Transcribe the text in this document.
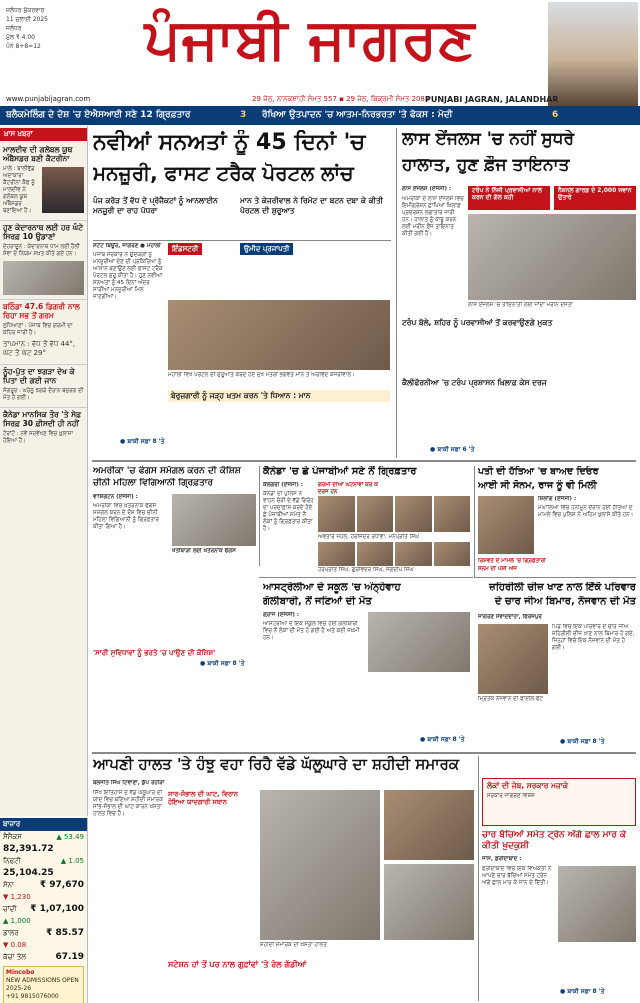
ਜਲੰਧਰ ਸ਼ੁੱਕਰਵਾਰ
11 ਜੁਲਾਈ 2025
ਜਲੰਧਰ
ਮੁੱਲ ₹ 4.00
ਪੰਨੇ 8+8=12	ਪੰਜਾਬੀ ਜਾਗਰਣ
www.punjabijagran.com	29 ਜੇਠ, ਨਾਨਕਸ਼ਾਹੀ ਸੰਮਤ 557 ▪ 29 ਜੇਠ, ਬਿਕ੍ਰਮੀ ਸੰਮਤ 2082
PUNJABI JAGRAN, JALANDHAR
ਬਲੈਕਮੇਲਿੰਗ ਦੇ ਦੋਸ਼ 'ਚ ਏਐਸਆਈ ਸਣੇ 12 ਗ੍ਰਿਫ਼ਤਾਰ	3 ਰੱਖਿਆ ਉਤਪਾਦਨ 'ਚ ਆਤਮ-ਨਿਰਭਰਤਾ 'ਤੇ ਫੋਕਸ : ਮੋਦੀ	6
ਖ਼ਾਸ ਖ਼ਬਰਾਂ
ਮਾਲਦੀਵ ਦੀ ਗਲੋਬਲ ਯੂਥ ਅੰਬੈਸਡਰ ਬਣੀ ਕੈਟਰੀਨਾ
ਮਾਲੇ : ਬਾਲੀਵੁੱਡ ਅਦਾਕਾਰਾ ਕੈਟਰੀਨਾ ਕੈਫ ਨੂੰ ਮਾਲਦੀਵ ਨੇ ਗਲੋਬਲ ਯੂਥ ਅੰਬੈਸਡਰ ਬਣਾਇਆ ਹੈ।
ਹੁਣ ਕੇਦਾਰਨਾਥ ਲਈ ਹਰ ਘੰਟੇ ਸਿਰਫ਼ 10 ਉਡਾਣਾਂ
ਦੇਹਰਾਦੂਨ : ਕੇਦਾਰਨਾਥ ਧਾਮ ਲਈ ਹੈਲੀ ਸੇਵਾ ਦੇ ਨਿਯਮ ਸਖ਼ਤ ਕੀਤੇ ਗਏ ਹਨ।
ਬਠਿੰਡਾ 47.6 ਡਿਗਰੀ ਨਾਲ ਰਿਹਾ ਸਭ ਤੋਂ ਗਰਮ
ਲੁਧਿਆਣਾ : ਪੰਜਾਬ ਵਿਚ ਗਰਮੀ ਦਾ ਕਹਿਰ ਜਾਰੀ ਹੈ।
ਤਾਪਮਾਨ : ਵੱਧ ਤੋਂ ਵੱਧ 44°, ਘੱਟ ਤੋਂ ਘੱਟ 29°
ਨੂੰਹ-ਪੁੱਤ ਦਾ ਝਗੜਾ ਦੇਖ ਕੇ ਪਿਤਾ ਦੀ ਗਈ ਜਾਨ
ਸੰਗਰੂਰ : ਘਰੇਲੂ ਝਗੜੇ ਦੌਰਾਨ ਬਜ਼ੁਰਗ ਦੀ ਮੌਤ ਹੋ ਗਈ।
ਕੈਨੇਡਾ ਮਾਨਸਿਕ ਤੌਰ 'ਤੇ ਸੇਫ਼ ਸਿਰਫ਼ 30 ਫ਼ੀਸਦੀ ਹੀ ਨਹੀਂ
ਟੋਰਾਂਟੋ : ਨਵੇਂ ਸਰਵੇਖਣ ਵਿਚ ਖ਼ੁਲਾਸਾ ਹੋਇਆ ਹੈ।
ਨਵੀਆਂ ਸਨਅਤਾਂ ਨੂੰ 45 ਦਿਨਾਂ 'ਚ
ਮਨਜ਼ੂਰੀ, ਫਾਸਟ ਟਰੈਕ ਪੋਰਟਲ ਲਾਂਚ
ਪੰਜ ਕਰੋੜ ਤੋਂ ਵੱਧ ਦੇ ਪ੍ਰੋਜੈਕਟਾਂ ਨੂੰ ਆਨਲਾਈਨ ਮਨਜ਼ੂਰੀ ਦਾ ਰਾਹ ਪੱਧਰਾ
ਮਾਨ ਤੇ ਕੇਜਰੀਵਾਲ ਨੇ ਰਿਮੋਟ ਦਾ ਬਟਨ ਦਬਾ ਕੇ ਕੀਤੀ ਪੋਰਟਲ ਦੀ ਸ਼ੁਰੂਆਤ
ਸਟੇਟ ਬਿਊਰੋ, ਜਾਗਰਣ ● ਮੋਹਾਲੀ
ਪੰਜਾਬ ਸਰਕਾਰ ਨੇ ਉਦਯੋਗਾਂ ਨੂੰ ਮਨਜ਼ੂਰੀਆਂ ਦੇਣ ਦੀ ਪ੍ਰਕਿਰਿਆ ਨੂੰ ਆਸਾਨ ਬਣਾਉਣ ਲਈ ਫਾਸਟ ਟਰੈਕ ਪੋਰਟਲ ਸ਼ੁਰੂ ਕੀਤਾ ਹੈ। ਹੁਣ ਨਵੀਆਂ ਸਨਅਤਾਂ ਨੂੰ 45 ਦਿਨਾਂ ਅੰਦਰ ਸਾਰੀਆਂ ਮਨਜ਼ੂਰੀਆਂ ਮਿਲ ਜਾਣਗੀਆਂ।
ਇੰਡਸਟਰੀ	ਉਮੀਦ ਪ੍ਰਜਾਪਤੀ
ਮੋਹਾਲੀ ਵਿਖੇ ਪੋਰਟਲ ਦੀ ਸ਼ੁਰੂਆਤ ਕਰਦੇ ਹੋਏ ਮੁੱਖ ਮੰਤਰੀ ਭਗਵੰਤ ਮਾਨ ਤੇ ਅਰਵਿੰਦ ਕੇਜਰੀਵਾਲ।
ਬੇਰੁਜ਼ਗਾਰੀ ਨੂੰ ਜੜ੍ਹ ਖ਼ਤਮ ਕਰਨ 'ਤੇ ਧਿਆਨ : ਮਾਨ
● ਬਾਕੀ ਸਫ਼ਾ 8 'ਤੇ
ਲਾਸ ਏਂਜਲਸ 'ਚ ਨਹੀਂ ਸੁਧਰੇ
ਹਾਲਾਤ, ਹੁਣ ਫ਼ੌਜ ਤਾਇਨਾਤ
ਲਾਸ ਏਂਜਲਸ (ਏਜੰਸੀ) :
ਅਮਰੀਕਾ ਦੇ ਲਾਸ ਏਂਜਲਸ ਵਿਚ ਇਮੀਗ੍ਰੇਸ਼ਨ ਛਾਪਿਆਂ ਖ਼ਿਲਾਫ਼ ਪ੍ਰਦਰਸ਼ਨ ਲਗਾਤਾਰ ਜਾਰੀ ਹਨ। ਹਾਲਾਤ ਨੂੰ ਕਾਬੂ ਕਰਨ ਲਈ ਮਰੀਨ ਫ਼ੌਜ ਤਾਇਨਾਤ ਕੀਤੀ ਗਈ ਹੈ।
ਟਰੰਪ ਨੇ ਨਿੱਜੀ ਪ੍ਰਵਾਸੀਆਂ ਨਾਲ ਕਰਨ ਦੀ ਗੱਲ ਕਹੀ
ਨੈਸ਼ਨਲ ਗਾਰਡ ਦੇ 2,000 ਜਵਾਨ ਉਤਾਰੇ
ਲਾਸ ਏਂਜਲਸ 'ਚ ਤਾਇਨਾਤੀ ਲਈ ਜਾਂਦਾ ਮਰੀਨ ਦਸਤਾ
ਟਰੰਪ ਬੋਲੇ, ਸ਼ਹਿਰ ਨੂੰ ਪਰਵਾਸੀਆਂ ਤੋਂ ਕਰਵਾਉਣਗੇ ਮੁਕਤ
ਕੈਲੀਫੋਰਨੀਆ 'ਚ ਟਰੰਪ ਪ੍ਰਸ਼ਾਸਨ ਖ਼ਿਲਾਫ਼ ਕੇਸ ਦਰਜ
● ਬਾਕੀ ਸਫ਼ਾ 6 'ਤੇ
ਅਮਰੀਕਾ 'ਚ ਫੰਗਸ ਸਮੱਗਲ ਕਰਨ ਦੀ ਕੋਸ਼ਿਸ਼
ਚੀਨੀ ਮਹਿਲਾ ਵਿਗਿਆਨੀ ਗ੍ਰਿਫ਼ਤਾਰ
ਵਾਸ਼ਿੰਗਟਨ (ਏਜੰਸੀ) :
ਅਮਰੀਕਾ ਵਿਚ ਖ਼ਤਰਨਾਕ ਫੰਗਸ ਸਮੱਗਲ ਕਰਨ ਦੇ ਦੋਸ਼ ਵਿਚ ਚੀਨੀ ਮਹਿਲਾ ਵਿਗਿਆਨੀ ਨੂੰ ਗ੍ਰਿਫ਼ਤਾਰ ਕੀਤਾ ਗਿਆ ਹੈ।
ਖੇਤੀਬਾੜੀ ਲਈ ਖ਼ਤਰਨਾਕ ਫੰਗਸ
'ਸਾਰੀ ਸੁਵਿਧਾਵਾਂ ਨੂੰ ਭਰਤੇ 'ਚ ਪਾਉਣ ਦੀ ਕੋਸ਼ਿਸ਼'
● ਬਾਕੀ ਸਫ਼ਾ 8 'ਤੇ
ਕੈਨੇਡਾ 'ਚ ਛੇ ਪੰਜਾਬੀਆਂ ਸਣੇ ਨੌਂ ਗ੍ਰਿਫ਼ਤਾਰ
ਕੈਲਗਰੀ (ਏਜੰਸੀ) :
ਕੈਨੇਡਾ ਦੀ ਪੁਲਿਸ ਨੇ ਵਾਹਨ ਚੋਰੀ ਦੇ ਵੱਡੇ ਗਿਰੋਹ ਦਾ ਪਰਦਾਫ਼ਾਸ਼ ਕਰਦੇ ਹੋਏ ਛੇ ਪੰਜਾਬੀਆਂ ਸਮੇਤ ਨੌਂ ਲੋਕਾਂ ਨੂੰ ਗ੍ਰਿਫ਼ਤਾਰ ਕੀਤਾ ਹੈ।
ਗਰਮੀ ਦੀਆਂ ਘਟਨਾਵਾਂ ਕਰ ਕੇ ਦਰਜ ਹਨ
ਅਵਤਾਰ ਜੋਹਲ, ਹਰਜਿੰਦਰ ਰੰਧਾਵਾ, ਮਨਪ੍ਰੀਤ ਸਿੰਘ
ਹਰਪ੍ਰੀਤ ਸਿੰਘ, ਗੁਰਵਿੰਦਰ ਸਿੰਘ, ਜਗਦੀਪ ਸਿੰਘ
ਆਸਟ੍ਰੇਲੀਆ ਦੇ ਸਕੂਲ 'ਚ ਅੰਨ੍ਹੇਵਾਹ
ਗੋਲੀਬਾਰੀ, ਨੌਂ ਜਣਿਆਂ ਦੀ ਮੌਤ
ਗ੍ਰਾਜ (ਏਜੰਸੀ) :
ਆਸਟ੍ਰੀਆ ਦੇ ਇਕ ਸਕੂਲ ਵਿਚ ਹੋਈ ਗੋਲੀਬਾਰੀ ਵਿਚ ਨੌਂ ਲੋਕਾਂ ਦੀ ਮੌਤ ਹੋ ਗਈ ਹੈ ਅਤੇ ਕਈ ਜ਼ਖ਼ਮੀ ਹਨ।
● ਬਾਕੀ ਸਫ਼ਾ 8 'ਤੇ
ਪਤੀ ਦੀ ਹੱਤਿਆ 'ਚ ਬਾਅਦ ਦਿਓਰ
ਆਈ ਸੀ ਸੋਨਮ, ਰਾਜ ਨੂੰ ਵੀ ਮਿਲੀ
ਸ਼ਿਲਾਂਗ (ਏਜੰਸੀ) :
ਮੇਘਾਲਿਆ ਵਿਚ ਹਨੀਮੂਨ ਦੌਰਾਨ ਹੋਈ ਹੱਤਿਆ ਦੇ ਮਾਮਲੇ ਵਿਚ ਪੁਲਿਸ ਨੇ ਅਹਿਮ ਖ਼ੁਲਾਸੇ ਕੀਤੇ ਹਨ।
ਰਿਸ਼ਵਤ ਦੇ ਮਾਮਲੇ 'ਚ ਗ੍ਰਿਫ਼ਤਾਰੀ
ਸੋਨਮ ਦੀ ਪੇਸ਼ੀ ਅੱਜ
ਜ਼ਹਿਰੀਲੀ ਚੀਜ਼ ਖਾਣ ਨਾਲ ਇੱਕੋ ਪਰਿਵਾਰ
ਦੇ ਚਾਰ ਜੀਅ ਬਿਮਾਰ, ਨੌਜਵਾਨ ਦੀ ਮੌਤ
ਜਾਗਰਣ ਸੰਵਾਦਦਾਤਾ, ਫਿਰੋਜ਼ਪੁਰ
ਮ੍ਰਿਤਕ ਨੌਜਵਾਨ ਦੀ ਫਾਈਲ ਫੋਟੋ
ਪਿੰਡ ਵਿਚ ਇਕ ਪਰਿਵਾਰ ਦੇ ਚਾਰ ਜੀਅ ਜ਼ਹਿਰੀਲੀ ਚੀਜ਼ ਖਾਣ ਨਾਲ ਬਿਮਾਰ ਹੋ ਗਏ, ਜਿਨ੍ਹਾਂ ਵਿਚੋਂ ਇਕ ਨੌਜਵਾਨ ਦੀ ਮੌਤ ਹੋ ਗਈ।
● ਬਾਕੀ ਸਫ਼ਾ 8 'ਤੇ
ਆਪਣੀ ਹਾਲਤ 'ਤੇ ਹੰਝੂ ਵਹਾ ਰਿਹੈ ਵੱਡੇ ਘੱਲੂਘਾਰੇ ਦਾ ਸ਼ਹੀਦੀ ਸਮਾਰਕ
ਬਲਜੀਤ ਸਿੰਘ ਟਿਵਾਣਾ, ਕੁੱਪ ਰਹੀੜਾ
ਸਿੱਖ ਇਤਿਹਾਸ ਦੇ ਵੱਡੇ ਘੱਲੂਘਾਰੇ ਦੀ ਯਾਦ ਵਿਚ ਬਣਿਆ ਸ਼ਹੀਦੀ ਸਮਾਰਕ ਸਾਂਭ-ਸੰਭਾਲ ਦੀ ਘਾਟ ਕਾਰਨ ਖ਼ਸਤਾ ਹਾਲਤ ਵਿਚ ਹੈ।
ਸਾਰ-ਸੰਭਾਲ ਦੀ ਘਾਟ, ਵਿਰਾਨ ਹੋਇਆ ਯਾਦਗਾਰੀ ਸਥਾਨ
ਸ਼ਹੀਦੀ ਸਮਾਰਕ ਦੀ ਖ਼ਸਤਾ ਹਾਲਤ
ਸਟੇਸ਼ਨ ਹਾਂ ਤੋਂ ਪਰ ਨਾਲ ਗੁਫ਼ਾਂਵਾਂ 'ਤੇ ਰੇਲ ਗੱਡੀਆਂ
ਲੋਕਾਂ ਦੀ ਜੇਬ, ਸਰਕਾਰ ਮਜ਼ਾਕੇ
ਸਰਕਾਰ ਜਾਗਰਣ ਵਿਸ਼ੇਸ਼
ਚਾਰ ਬੱਚਿਆਂ ਸਮੇਤ ਟ੍ਰੇਨ ਅੱਗੇ ਛਾਲ ਮਾਰ ਕੇ ਕੀਤੀ ਖ਼ੁਦਕੁਸ਼ੀ
ਜਾਸ, ਫ਼ਰੀਦਾਬਾਦ :
ਫ਼ਰੀਦਾਬਾਦ ਵਿਚ ਇਕ ਵਿਅਕਤੀ ਨੇ ਆਪਣੇ ਚਾਰ ਬੱਚਿਆਂ ਸਮੇਤ ਟ੍ਰੇਨ ਅੱਗੇ ਛਾਲ ਮਾਰ ਕੇ ਜਾਨ ਦੇ ਦਿੱਤੀ।
● ਬਾਕੀ ਸਫ਼ਾ 8 'ਤੇ
ਬਾਜ਼ਾਰ
ਸੈਂਸੈਕਸ	▲ 53.49
82,391.72
ਨਿਫਟੀ	▲ 1.05
25,104.25
ਸੋਨਾ	₹ 97,670
▼ 1,230
ਚਾਂਦੀ ₹ 1,07,100
▲ 1,000
ਡਾਲਰ	₹ 85.57
▼ 0.08
ਕੱਚਾ ਤੇਲ	67.19
Mincobo
NEW ADMISSIONS OPEN 2025-26
+91 9815076000
